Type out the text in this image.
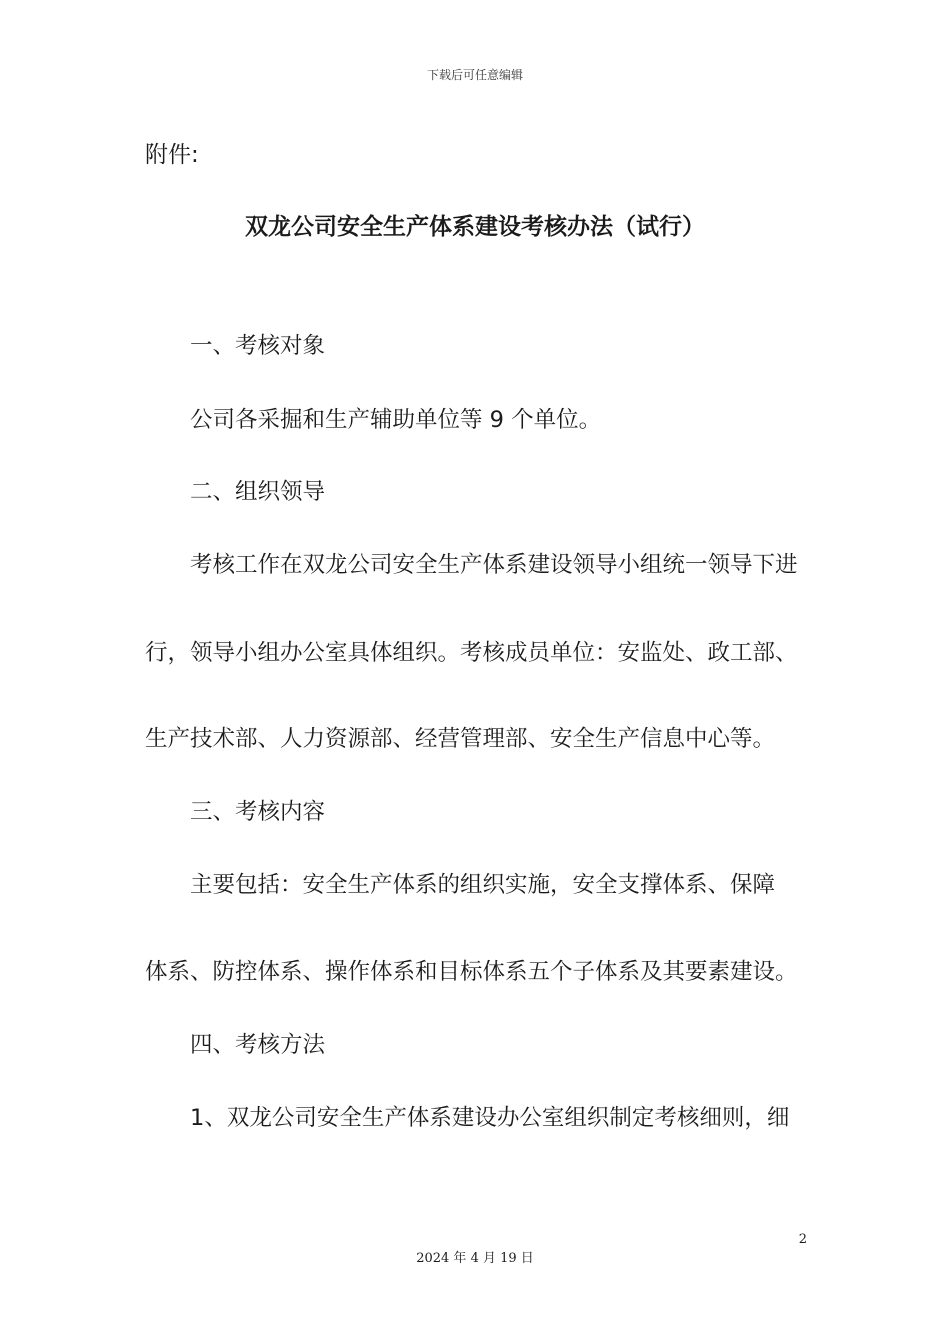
下载后可任意编辑
附件:
双龙公司安全生产体系建设考核办法（试行）
一、考核对象
公司各采掘和生产辅助单位等 9 个单位。
二、组织领导
考核工作在双龙公司安全生产体系建设领导小组统一领导下进
行，领导小组办公室具体组织。考核成员单位：安监处、政工部、
生产技术部、人力资源部、经营管理部、安全生产信息中心等。
三、考核内容
主要包括：安全生产体系的组织实施，安全支撑体系、保障
体系、防控体系、操作体系和目标体系五个子体系及其要素建设。
四、考核方法
1、双龙公司安全生产体系建设办公室组织制定考核细则，细
2
2024 年 4 月 19 日
